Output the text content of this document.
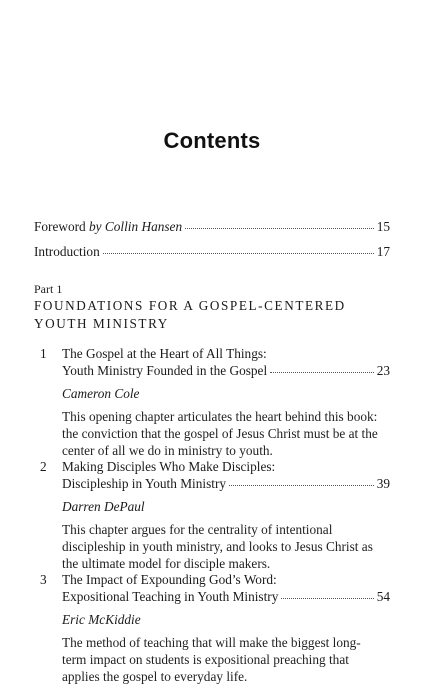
Contents
Foreword by Collin Hansen	15
Introduction	17
Part 1
FOUNDATIONS FOR A GOSPEL-CENTERED
YOUTH MINISTRY
1 The Gospel at the Heart of All Things:
Youth Ministry Founded in the Gospel	23
Cameron Cole
This opening chapter articulates the heart behind this book:
the conviction that the gospel of Jesus Christ must be at the
center of all we do in ministry to youth.
2 Making Disciples Who Make Disciples:
Discipleship in Youth Ministry	39
Darren DePaul
This chapter argues for the centrality of intentional
discipleship in youth ministry, and looks to Jesus Christ as
the ultimate model for disciple makers.
3 The Impact of Expounding God’s Word:
Expositional Teaching in Youth Ministry	54
Eric McKiddie
The method of teaching that will make the biggest long-
term impact on students is expositional preaching that
applies the gospel to everyday life.
